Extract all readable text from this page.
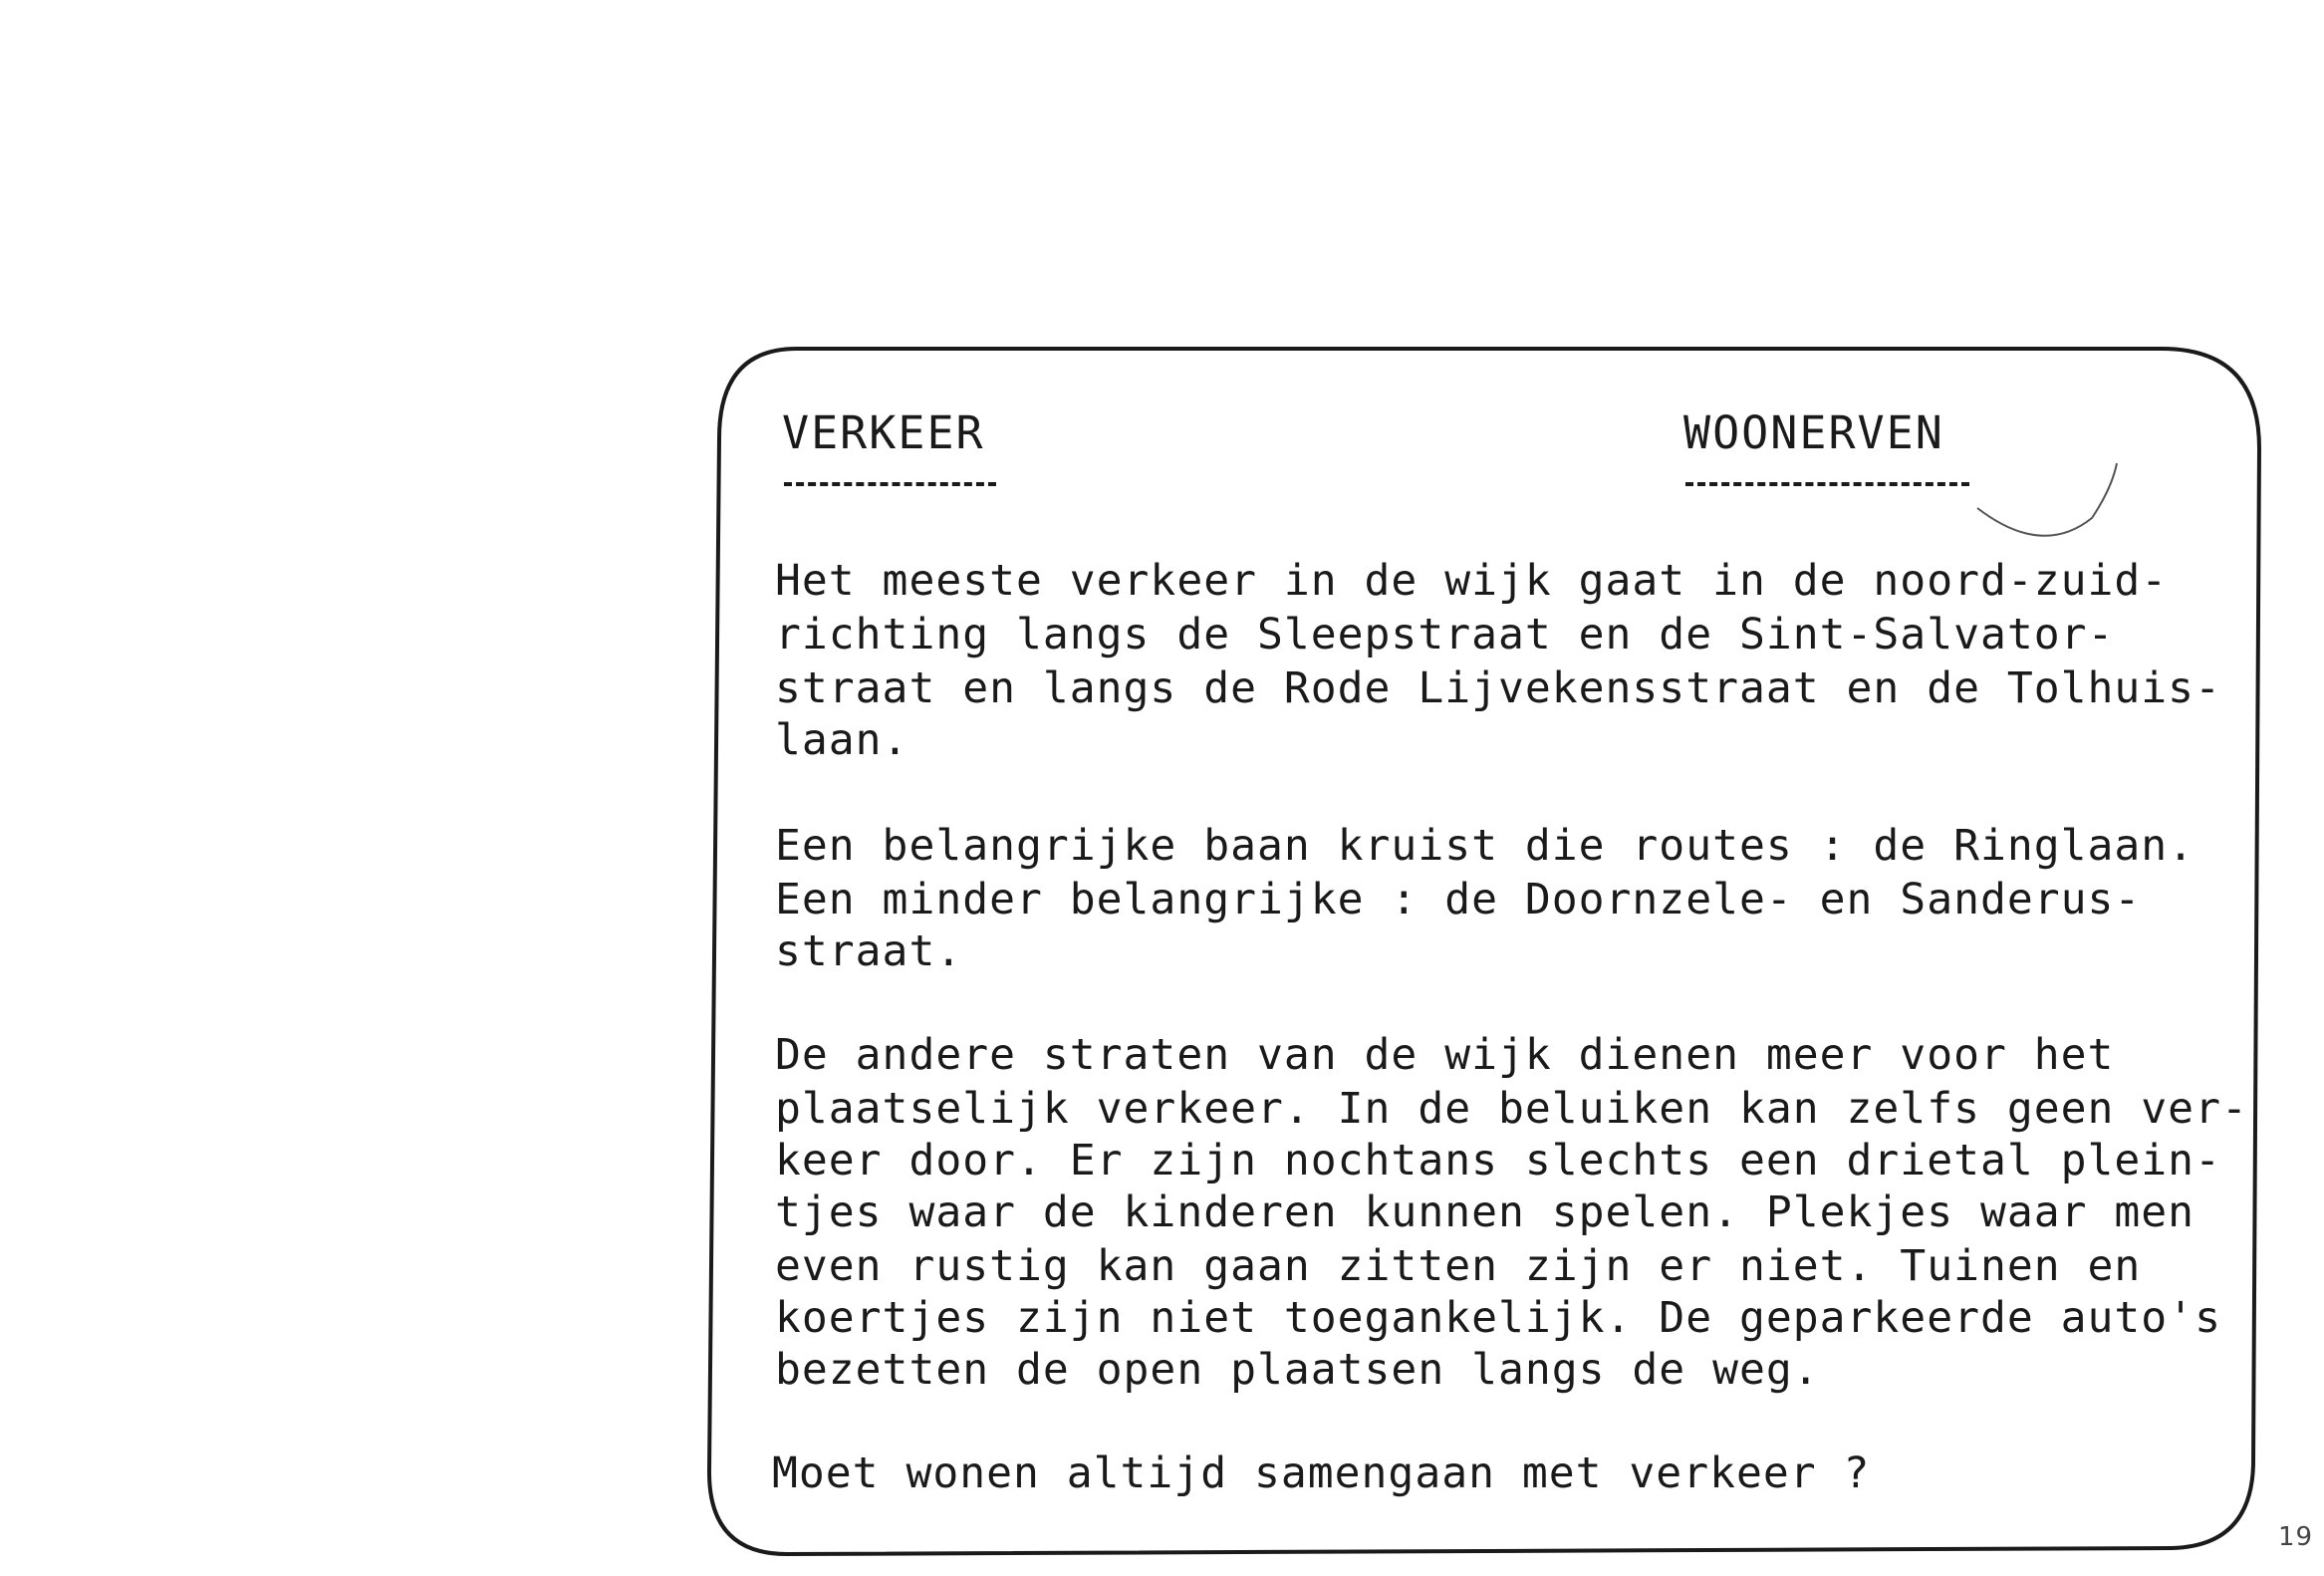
VERKEER	WOONERVEN
Het meeste verkeer in de wijk gaat in de noord-zuid-
richting langs de Sleepstraat en de Sint-Salvator-
straat en langs de Rode Lijvekensstraat en de Tolhuis-
laan.
Een belangrijke baan kruist die routes : de Ringlaan.
Een minder belangrijke : de Doornzele- en Sanderus-
straat.
De andere straten van de wijk dienen meer voor het
plaatselijk verkeer. In de beluiken kan zelfs geen ver-
keer door. Er zijn nochtans slechts een drietal plein-
tjes waar de kinderen kunnen spelen. Plekjes waar men
even rustig kan gaan zitten zijn er niet. Tuinen en
koertjes zijn niet toegankelijk. De geparkeerde auto's
bezetten de open plaatsen langs de weg.
Moet wonen altijd samengaan met verkeer ?
19
